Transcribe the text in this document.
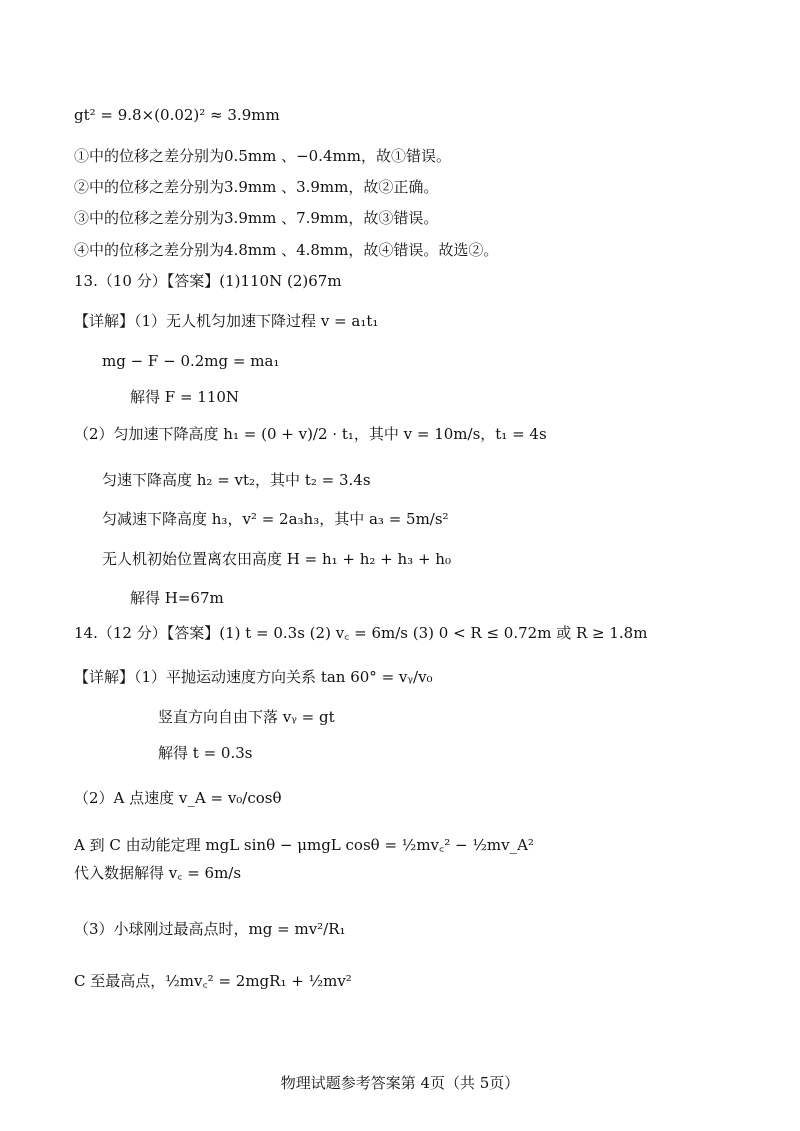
gt² = 9.8×(0.02)² ≈ 3.9mm
①中的位移之差分别为0.5mm 、−0.4mm，故①错误。
②中的位移之差分别为3.9mm 、3.9mm，故②正确。
③中的位移之差分别为3.9mm 、7.9mm，故③错误。
④中的位移之差分别为4.8mm 、4.8mm，故④错误。故选②。
13.（10 分）【答案】(1)110N (2)67m
【详解】（1）无人机匀加速下降过程 v = a₁t₁
mg − F − 0.2mg = ma₁
解得 F = 110N
（2）匀加速下降高度 h₁ = (0 + v)/2 · t₁，其中 v = 10m/s，t₁ = 4s
匀速下降高度 h₂ = vt₂，其中 t₂ = 3.4s
匀减速下降高度 h₃，v² = 2a₃h₃，其中 a₃ = 5m/s²
无人机初始位置离农田高度 H = h₁ + h₂ + h₃ + h₀
解得 H=67m
14.（12 分）【答案】(1) t = 0.3s (2) v꜀ = 6m/s (3) 0 < R ≤ 0.72m 或 R ≥ 1.8m
【详解】（1）平抛运动速度方向关系 tan 60° = vᵧ/v₀
竖直方向自由下落 vᵧ = gt
解得 t = 0.3s
（2）A 点速度 v_A = v₀/cosθ
A 到 C 由动能定理 mgL sinθ − μmgL cosθ = ½mv꜀² − ½mv_A²
代入数据解得 v꜀ = 6m/s
（3）小球刚过最高点时，mg = mv²/R₁
C 至最高点，½mv꜀² = 2mgR₁ + ½mv²
物理试题参考答案第 4页（共 5页）
